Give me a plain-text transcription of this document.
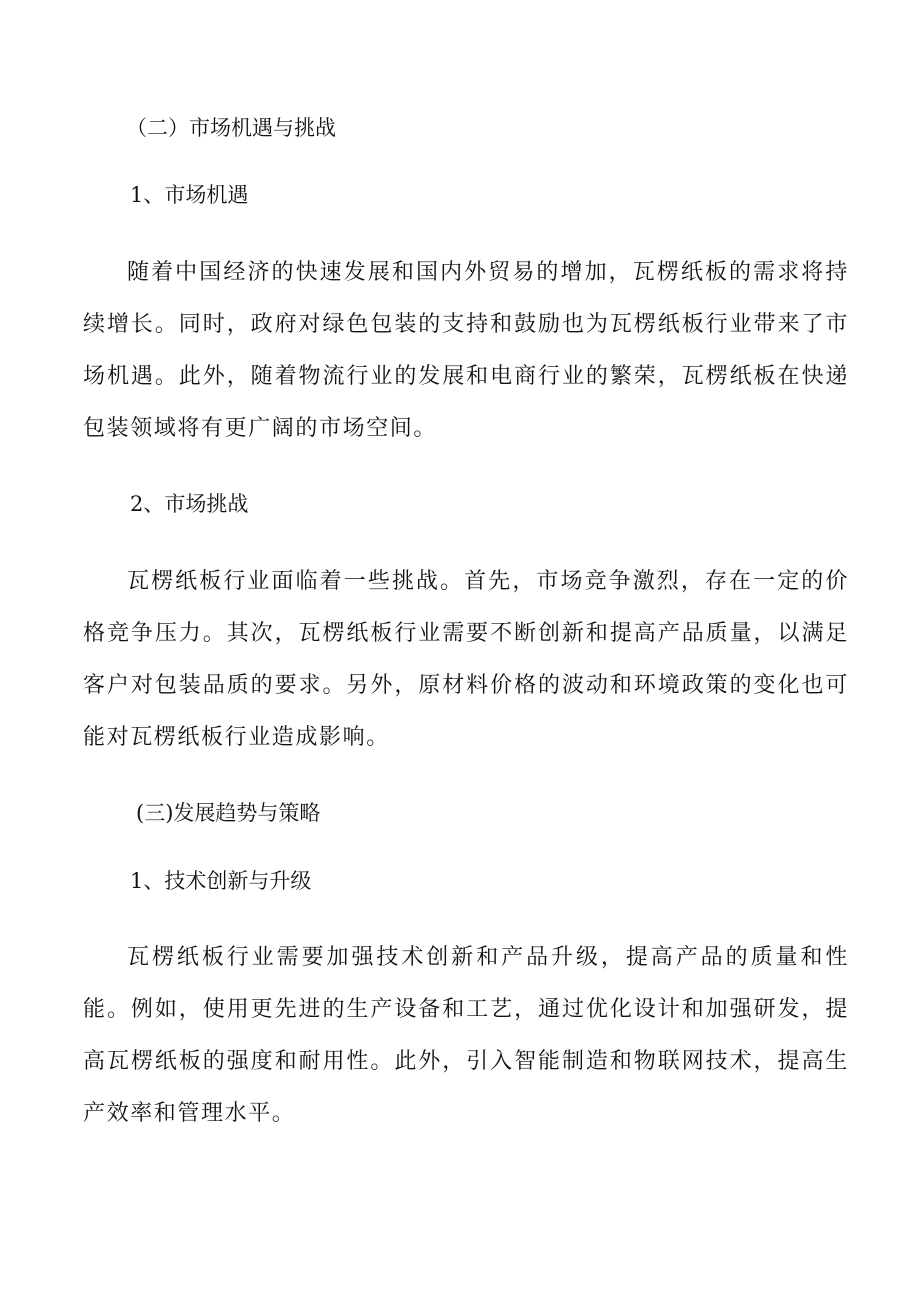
（二）市场机遇与挑战
1、市场机遇

随着中国经济的快速发展和国内外贸易的增加，瓦楞纸板的需求将持续增长。同时，政府对绿色包装的支持和鼓励也为瓦楞纸板行业带来了市场机遇。此外，随着物流行业的发展和电商行业的繁荣，瓦楞纸板在快递包装领域将有更广阔的市场空间。

2、市场挑战

瓦楞纸板行业面临着一些挑战。首先，市场竞争激烈，存在一定的价格竞争压力。其次，瓦楞纸板行业需要不断创新和提高产品质量，以满足客户对包装品质的要求。另外，原材料价格的波动和环境政策的变化也可能对瓦楞纸板行业造成影响。

(三)发展趋势与策略
1、技术创新与升级

瓦楞纸板行业需要加强技术创新和产品升级，提高产品的质量和性能。例如，使用更先进的生产设备和工艺，通过优化设计和加强研发，提高瓦楞纸板的强度和耐用性。此外，引入智能制造和物联网技术，提高生产效率和管理水平。
